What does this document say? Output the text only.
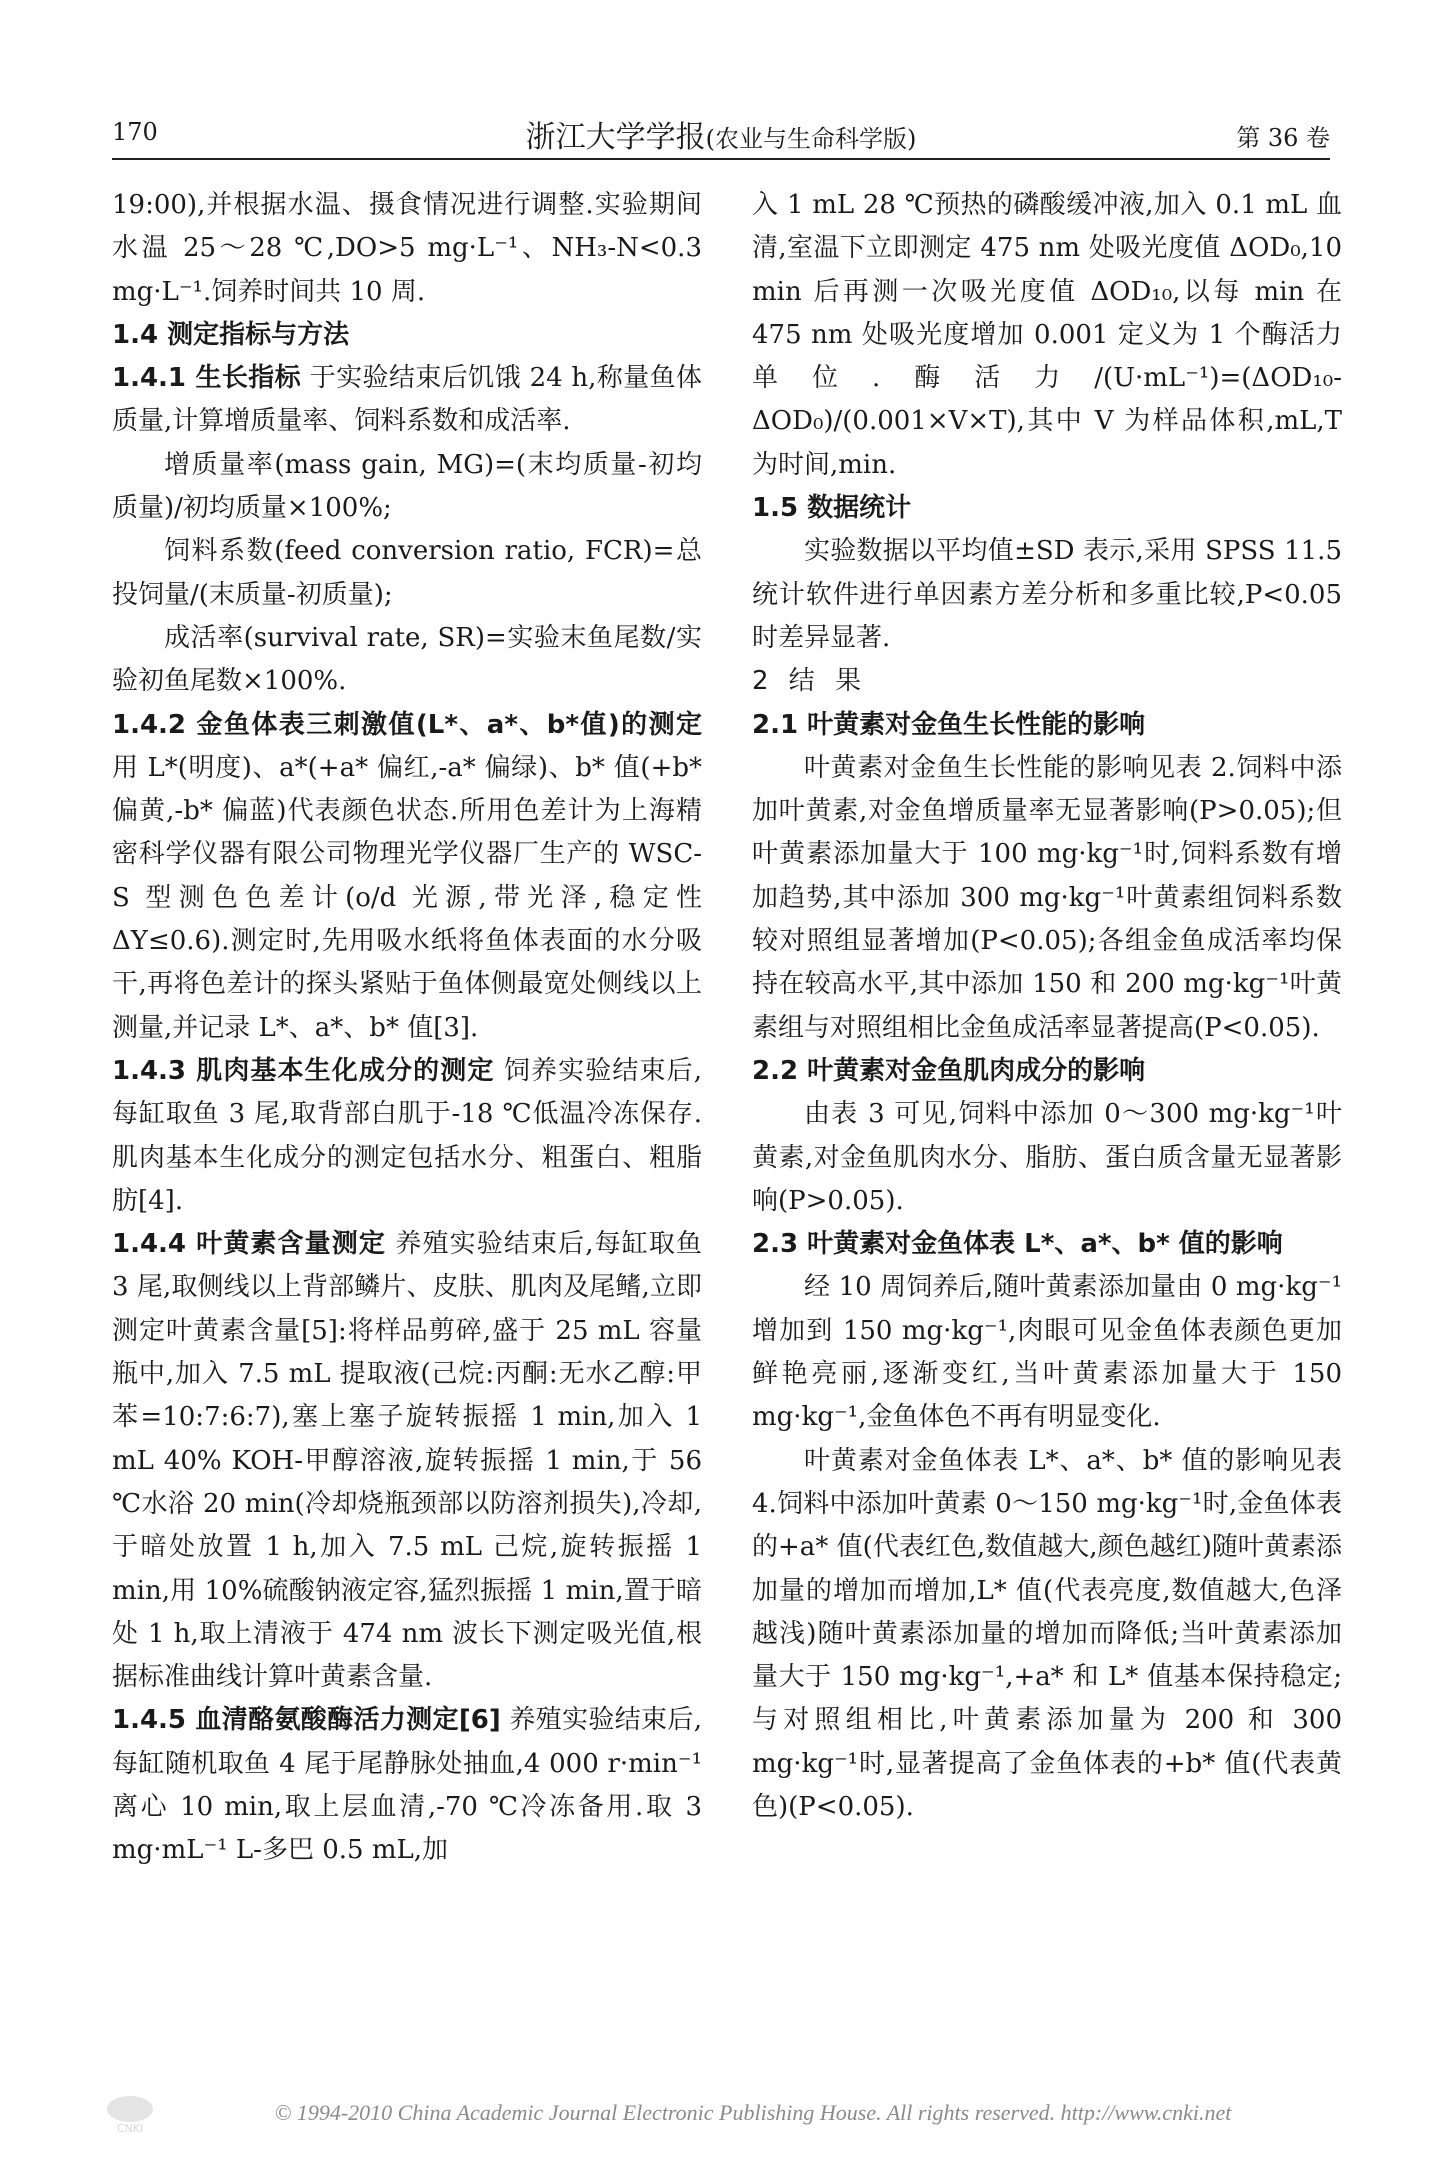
170	浙江大学学报(农业与生命科学版)	第 36 卷

19:00),并根据水温、摄食情况进行调整.实验期间水温 25～28 ℃,DO>5 mg·L⁻¹、NH₃-N<0.3 mg·L⁻¹.饲养时间共 10 周.

1.4 测定指标与方法

1.4.1 生长指标 于实验结束后饥饿 24 h,称量鱼体质量,计算增质量率、饲料系数和成活率.

增质量率(mass gain, MG)=(末均质量-初均质量)/初均质量×100%;

饲料系数(feed conversion ratio, FCR)=总投饲量/(末质量-初质量);

成活率(survival rate, SR)=实验末鱼尾数/实验初鱼尾数×100%.

1.4.2 金鱼体表三刺激值(L*、a*、b*值)的测定 用 L*(明度)、a*(+a* 偏红,-a* 偏绿)、b* 值(+b* 偏黄,-b* 偏蓝)代表颜色状态.所用色差计为上海精密科学仪器有限公司物理光学仪器厂生产的 WSC-S 型测色色差计(o/d 光源,带光泽,稳定性 ΔY≤0.6).测定时,先用吸水纸将鱼体表面的水分吸干,再将色差计的探头紧贴于鱼体侧最宽处侧线以上测量,并记录 L*、a*、b* 值[3].

1.4.3 肌肉基本生化成分的测定 饲养实验结束后,每缸取鱼 3 尾,取背部白肌于-18 ℃低温冷冻保存.肌肉基本生化成分的测定包括水分、粗蛋白、粗脂肪[4].

1.4.4 叶黄素含量测定 养殖实验结束后,每缸取鱼 3 尾,取侧线以上背部鳞片、皮肤、肌肉及尾鳍,立即测定叶黄素含量[5]:将样品剪碎,盛于 25 mL 容量瓶中,加入 7.5 mL 提取液(己烷:丙酮:无水乙醇:甲苯=10:7:6:7),塞上塞子旋转振摇 1 min,加入 1 mL 40% KOH-甲醇溶液,旋转振摇 1 min,于 56 ℃水浴 20 min(冷却烧瓶颈部以防溶剂损失),冷却,于暗处放置 1 h,加入 7.5 mL 己烷,旋转振摇 1 min,用 10%硫酸钠液定容,猛烈振摇 1 min,置于暗处 1 h,取上清液于 474 nm 波长下测定吸光值,根据标准曲线计算叶黄素含量.

1.4.5 血清酪氨酸酶活力测定[6] 养殖实验结束后,每缸随机取鱼 4 尾于尾静脉处抽血,4 000 r·min⁻¹离心 10 min,取上层血清,-70 ℃冷冻备用.取 3 mg·mL⁻¹ L-多巴 0.5 mL,加

入 1 mL 28 ℃预热的磷酸缓冲液,加入 0.1 mL 血清,室温下立即测定 475 nm 处吸光度值 ΔOD₀,10 min 后再测一次吸光度值 ΔOD₁₀,以每 min 在 475 nm 处吸光度增加 0.001 定义为 1 个酶活力单位.酶活力/(U·mL⁻¹)=(ΔOD₁₀-ΔOD₀)/(0.001×V×T),其中 V 为样品体积,mL,T 为时间,min.

1.5 数据统计

实验数据以平均值±SD 表示,采用 SPSS 11.5 统计软件进行单因素方差分析和多重比较,P<0.05 时差异显著.

2 结 果

2.1 叶黄素对金鱼生长性能的影响

叶黄素对金鱼生长性能的影响见表 2.饲料中添加叶黄素,对金鱼增质量率无显著影响(P>0.05);但叶黄素添加量大于 100 mg·kg⁻¹时,饲料系数有增加趋势,其中添加 300 mg·kg⁻¹叶黄素组饲料系数较对照组显著增加(P<0.05);各组金鱼成活率均保持在较高水平,其中添加 150 和 200 mg·kg⁻¹叶黄素组与对照组相比金鱼成活率显著提高(P<0.05).

2.2 叶黄素对金鱼肌肉成分的影响

由表 3 可见,饲料中添加 0～300 mg·kg⁻¹叶黄素,对金鱼肌肉水分、脂肪、蛋白质含量无显著影响(P>0.05).

2.3 叶黄素对金鱼体表 L*、a*、b* 值的影响

经 10 周饲养后,随叶黄素添加量由 0 mg·kg⁻¹增加到 150 mg·kg⁻¹,肉眼可见金鱼体表颜色更加鲜艳亮丽,逐渐变红,当叶黄素添加量大于 150 mg·kg⁻¹,金鱼体色不再有明显变化.

叶黄素对金鱼体表 L*、a*、b* 值的影响见表 4.饲料中添加叶黄素 0～150 mg·kg⁻¹时,金鱼体表的+a* 值(代表红色,数值越大,颜色越红)随叶黄素添加量的增加而增加,L* 值(代表亮度,数值越大,色泽越浅)随叶黄素添加量的增加而降低;当叶黄素添加量大于 150 mg·kg⁻¹,+a* 和 L* 值基本保持稳定;与对照组相比,叶黄素添加量为 200 和 300 mg·kg⁻¹时,显著提高了金鱼体表的+b* 值(代表黄色)(P<0.05).

CNKI
© 1994-2010 China Academic Journal Electronic Publishing House. All rights reserved. http://www.cnki.net
